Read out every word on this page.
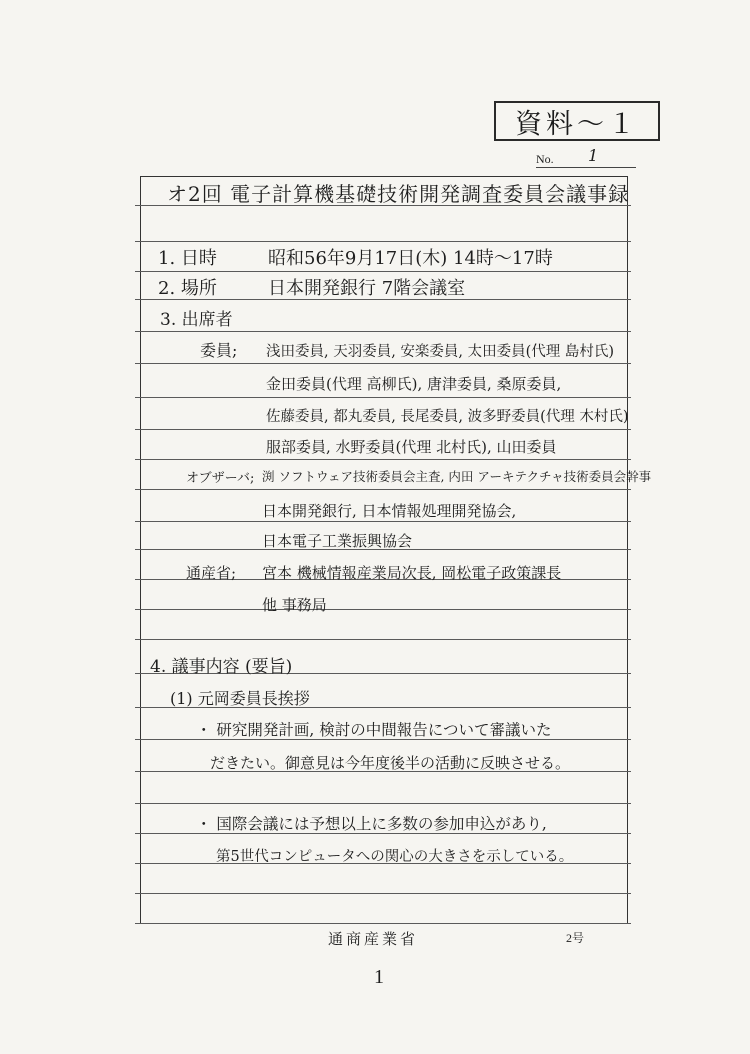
資料～１
No. 1
オ2回 電子計算機基礎技術開発調査委員会議事録
1. 日時	昭和56年9月17日(木) 14時～17時
2. 場所	日本開発銀行 7階会議室
3. 出席者
委員; 浅田委員, 天羽委員, 安楽委員, 太田委員(代理 島村氏)
金田委員(代理 高柳氏), 唐津委員, 桑原委員,
佐藤委員, 都丸委員, 長尾委員, 波多野委員(代理 木村氏)
服部委員, 水野委員(代理 北村氏), 山田委員
オブザーバ; 渕 ソフトウェア技術委員会主査, 内田 アーキテクチャ技術委員会幹事
日本開発銀行, 日本情報処理開発協会,
日本電子工業振興協会
通産省; 宮本 機械情報産業局次長, 岡松電子政策課長
他 事務局
4. 議事内容 (要旨)
(1) 元岡委員長挨拶
・ 研究開発計画, 検討の中間報告について審議いた
だきたい。御意見は今年度後半の活動に反映させる。
・ 国際会議には予想以上に多数の参加申込があり,
第5世代コンピュータへの関心の大きさを示している。
通商産業省	2号
1
